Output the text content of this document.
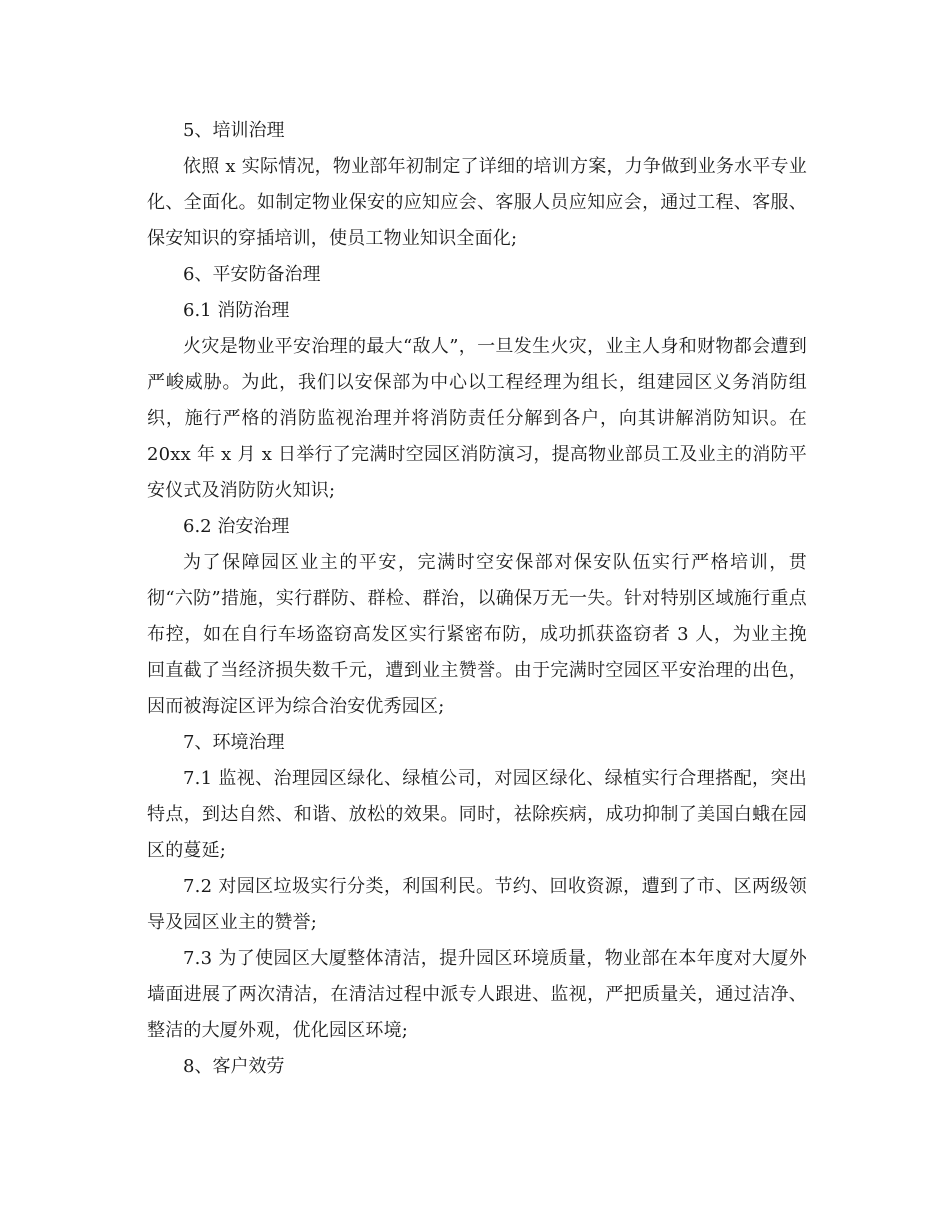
5、培训治理

依照 x 实际情况，物业部年初制定了详细的培训方案，力争做到业务水平专业化、全面化。如制定物业保安的应知应会、客服人员应知应会，通过工程、客服、保安知识的穿插培训，使员工物业知识全面化;

6、平安防备治理

6.1 消防治理

火灾是物业平安治理的最大“敌人”，一旦发生火灾，业主人身和财物都会遭到严峻威胁。为此，我们以安保部为中心以工程经理为组长，组建园区义务消防组织，施行严格的消防监视治理并将消防责任分解到各户，向其讲解消防知识。在 20xx 年 x 月 x 日举行了完满时空园区消防演习，提高物业部员工及业主的消防平安仪式及消防防火知识;

6.2 治安治理

为了保障园区业主的平安，完满时空安保部对保安队伍实行严格培训，贯彻“六防”措施，实行群防、群检、群治，以确保万无一失。针对特别区域施行重点布控，如在自行车场盗窃高发区实行紧密布防，成功抓获盗窃者 3 人，为业主挽回直截了当经济损失数千元，遭到业主赞誉。由于完满时空园区平安治理的出色，因而被海淀区评为综合治安优秀园区;

7、环境治理

7.1 监视、治理园区绿化、绿植公司，对园区绿化、绿植实行合理搭配，突出特点，到达自然、和谐、放松的效果。同时，祛除疾病，成功抑制了美国白蛾在园区的蔓延;

7.2 对园区垃圾实行分类，利国利民。节约、回收资源，遭到了市、区两级领导及园区业主的赞誉;

7.3 为了使园区大厦整体清洁，提升园区环境质量，物业部在本年度对大厦外墙面进展了两次清洁，在清洁过程中派专人跟进、监视，严把质量关，通过洁净、整洁的大厦外观，优化园区环境;

8、客户效劳
